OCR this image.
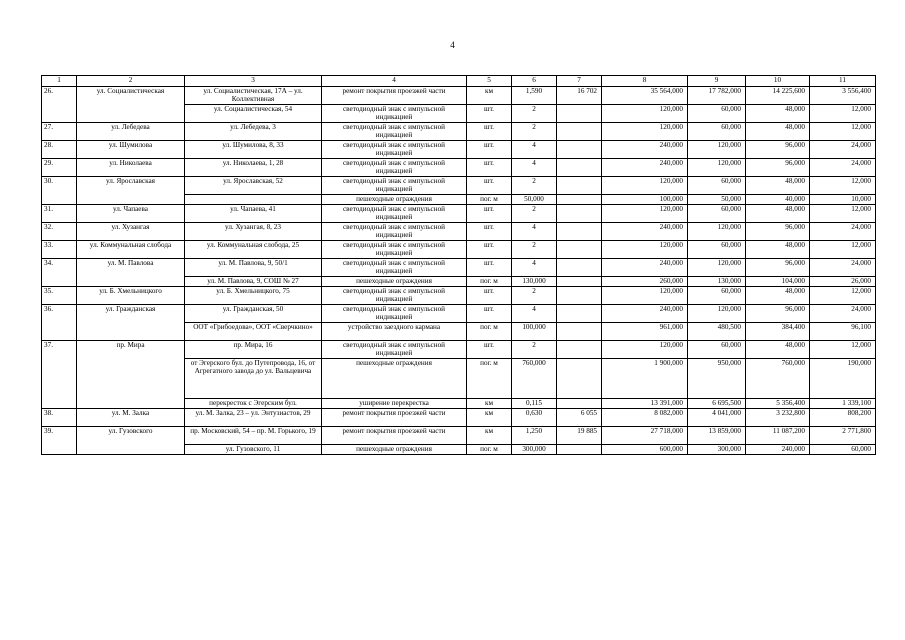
4
1	2	3	4	5	6	7	8	9	10	11
26.	ул. Социалистическая	ул. Социалистическая, 17А – ул. Коллективная	ремонт покрытия проезжей части	км	1,590	16 702	35 564,000	17 782,000	14 225,600	3 556,400
		ул. Социалистическая, 54	светодиодный знак с импульсной индикацией	шт.	2		120,000	60,000	48,000	12,000
27.	ул. Лебедева	ул. Лебедева, 3	светодиодный знак с импульсной индикацией	шт.	2		120,000	60,000	48,000	12,000
28.	ул. Шумилова	ул. Шумилова, 8, 33	светодиодный знак с импульсной индикацией	шт.	4		240,000	120,000	96,000	24,000
29.	ул. Николаева	ул. Николаева, 1, 28	светодиодный знак с импульсной индикацией	шт.	4		240,000	120,000	96,000	24,000
30.	ул. Ярославская	ул. Ярославская, 52	светодиодный знак с импульсной индикацией	шт.	2		120,000	60,000	48,000	12,000
			пешеходные ограждения	пог. м	50,000		100,000	50,000	40,000	10,000
31.	ул. Чапаева	ул. Чапаева, 41	светодиодный знак с импульсной индикацией	шт.	2		120,000	60,000	48,000	12,000
32.	ул. Хузангая	ул. Хузангая, 8, 23	светодиодный знак с импульсной индикацией	шт.	4		240,000	120,000	96,000	24,000
33.	ул. Коммунальная слобода	ул. Коммунальная слобода, 25	светодиодный знак с импульсной индикацией	шт.	2		120,000	60,000	48,000	12,000
34.	ул. М. Павлова	ул. М. Павлова, 9, 50/1	светодиодный знак с импульсной индикацией	шт.	4		240,000	120,000	96,000	24,000
		ул. М. Павлова, 9, СОШ № 27	пешеходные ограждения	пог. м	130,000		260,000	130,000	104,000	26,000
35.	ул. Б. Хмельницкого	ул. Б. Хмельницкого, 75	светодиодный знак с импульсной индикацией	шт.	2		120,000	60,000	48,000	12,000
36.	ул. Гражданская	ул. Гражданская, 50	светодиодный знак с импульсной индикацией	шт.	4		240,000	120,000	96,000	24,000
		ООТ «Грибоедова», ООТ «Сверчкино»	устройство заездного кармана	пог. м	100,000		961,000	480,500	384,400	96,100
37.	пр. Мира	пр. Мира, 16	светодиодный знак с импульсной индикацией	шт.	2		120,000	60,000	48,000	12,000
		от Эгерского бул. до Путепровода, 16, от Агрегатного завода до ул. Вальцевича	пешеходные ограждения	пог. м	760,000		1 900,000	950,000	760,000	190,000
		перекресток с Эгерским бул.	уширение перекрестка	км	0,115		13 391,000	6 695,500	5 356,400	1 339,100
38.	ул. М. Залка	ул. М. Залка, 23 – ул. Энтузиастов, 29	ремонт покрытия проезжей части	км	0,630	6 055	8 082,000	4 041,000	3 232,800	808,200
39.	ул. Гузовского	пр. Московский, 54 – пр. М. Горького, 19	ремонт покрытия проезжей части	км	1,250	19 885	27 718,000	13 859,000	11 087,200	2 771,800
		ул. Гузовского, 11	пешеходные ограждения	пог. м	300,000		600,000	300,000	240,000	60,000
